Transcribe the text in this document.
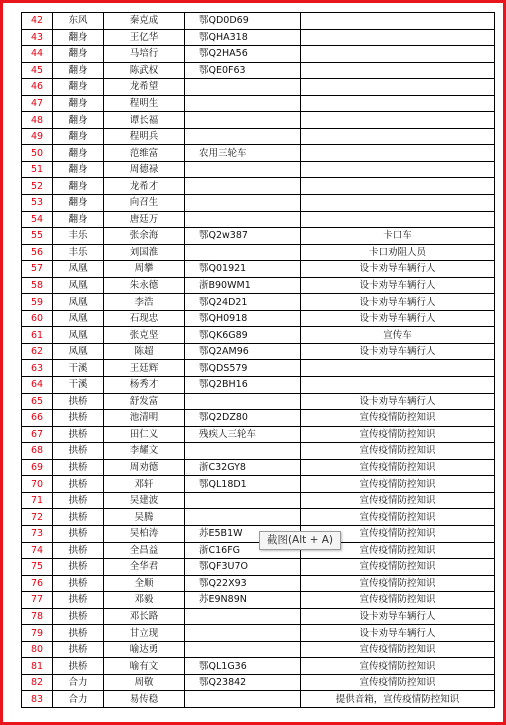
42	东风	秦克成	鄂QD0D69	
43	翻身	王亿华	鄂QHA318	
44	翻身	马培行	鄂Q2HA56	
45	翻身	陈武权	鄂QE0F63	
46	翻身	龙希望		
47	翻身	程明生		
48	翻身	谭长福		
49	翻身	程明兵		
50	翻身	范维富	农用三轮车	
51	翻身	周德禄		
52	翻身	龙希才		
53	翻身	向召生		
54	翻身	唐廷万		
55	丰乐	张余海	鄂Q2w387	卡口车
56	丰乐	刘国淮		卡口劝阻人员
57	凤凰	周攀	鄂Q01921	设卡劝导车辆行人
58	凤凰	朱永德	浙B90WM1	设卡劝导车辆行人
59	凤凰	李浩	鄂Q24D21	设卡劝导车辆行人
60	凤凰	石现忠	鄂QH0918	设卡劝导车辆行人
61	凤凰	张克坚	鄂QK6G89	宣传车
62	凤凰	陈超	鄂Q2AM96	设卡劝导车辆行人
63	干溪	王廷辉	鄂QDS579	
64	干溪	杨秀才	鄂Q2BH16	
65	拱桥	舒发富		设卡劝导车辆行人
66	拱桥	池清明	鄂Q2DZ80	宣传疫情防控知识
67	拱桥	田仁义	残疾人三轮车	宣传疫情防控知识
68	拱桥	李耀文		宣传疫情防控知识
69	拱桥	周劝德	浙C32GY8	宣传疫情防控知识
70	拱桥	邓轩	鄂QL18D1	宣传疫情防控知识
71	拱桥	吴建波		宣传疫情防控知识
72	拱桥	吴腾		宣传疫情防控知识
73	拱桥	吴柏涛	苏E5B1W	宣传疫情防控知识
74	拱桥	全昌益	浙C16FG	宣传疫情防控知识
75	拱桥	全华君	鄂QF3U7O	宣传疫情防控知识
76	拱桥	全顺	鄂Q22X93	宣传疫情防控知识
77	拱桥	邓毅	苏E9N89N	宣传疫情防控知识
78	拱桥	邓长路		设卡劝导车辆行人
79	拱桥	甘立现		设卡劝导车辆行人
80	拱桥	喻达勇		宣传疫情防控知识
81	拱桥	喻有文	鄂QL1G36	宣传疫情防控知识
82	合力	周敬	鄂Q23842	宣传疫情防控知识
83	合力	易传稳		提供音箱，宣传疫情防控知识
截图(Alt + A)
